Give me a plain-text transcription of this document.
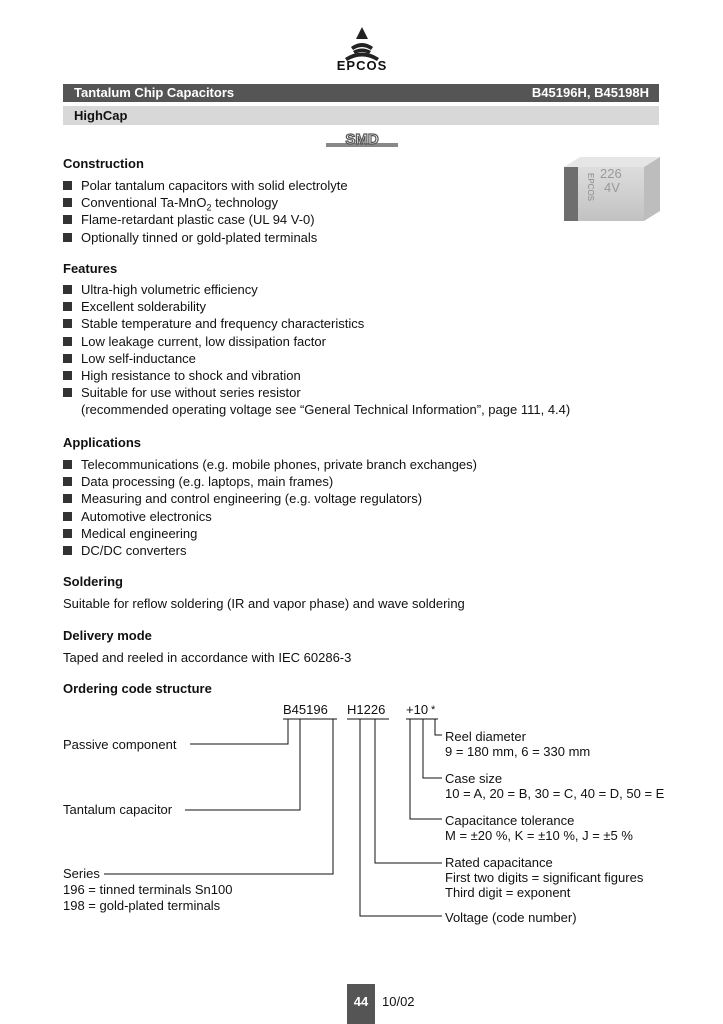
EPCOS
Tantalum Chip Capacitors	B45196H, B45198H
HighCap
SMD
EPCOS 226
4V
Construction
Polar tantalum capacitors with solid electrolyte
Conventional Ta-MnO$_2$ technology
Flame-retardant plastic case (UL 94 V-0)
Optionally tinned or gold-plated terminals
Features
Ultra-high volumetric efficiency
Excellent solderability
Stable temperature and frequency characteristics
Low leakage current, low dissipation factor
Low self-inductance
High resistance to shock and vibration
Suitable for use without series resistor
(recommended operating voltage see “General Technical Information”, page 111, 4.4)
Applications
Telecommunications (e.g. mobile phones, private branch exchanges)
Data processing (e.g. laptops, main frames)
Measuring and control engineering (e.g. voltage regulators)
Automotive electronics
Medical engineering
DC/DC converters
Soldering
Suitable for reflow soldering (IR and vapor phase) and wave soldering
Delivery mode
Taped and reeled in accordance with IEC 60286-3
Ordering code structure
B45196 H1226 +10 *
Passive component
Tantalum capacitor
Series
196 = tinned terminals Sn100
198 = gold-plated terminals
Reel diameter
9 = 180 mm, 6 = 330 mm
Case size
10 = A, 20 = B, 30 = C, 40 = D, 50 = E
Capacitance tolerance
M = ±20 %, K = ±10 %, J = ±5 %
Rated capacitance
First two digits = significant figures
Third digit = exponent
Voltage (code number)
44	10/02
